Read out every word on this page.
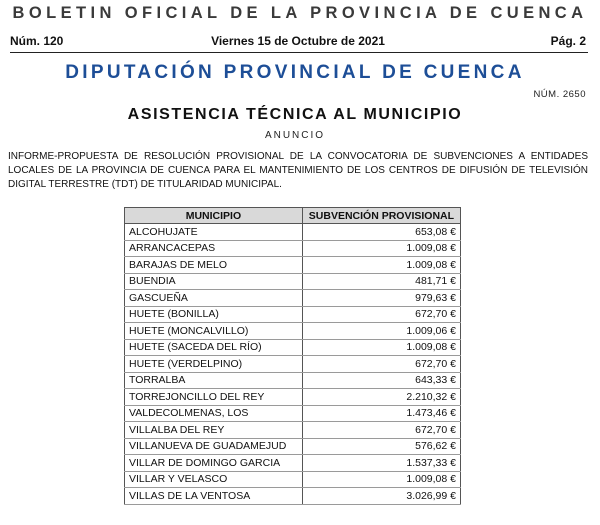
BOLETIN OFICIAL DE LA PROVINCIA DE CUENCA
Núm. 120	Viernes 15 de Octubre de 2021	Pág. 2
DIPUTACIÓN PROVINCIAL DE CUENCA
NÚM. 2650
ASISTENCIA TÉCNICA AL MUNICIPIO
ANUNCIO
INFORME-PROPUESTA DE RESOLUCIÓN PROVISIONAL DE LA CONVOCATORIA DE SUBVENCIONES A ENTIDADES LOCALES DE LA PROVINCIA DE CUENCA PARA EL MANTENIMIENTO DE LOS CENTROS DE DIFUSIÓN DE TELEVISIÓN DIGITAL TERRESTRE (TDT) DE TITULARIDAD MUNICIPAL.
MUNICIPIO	SUBVENCIÓN PROVISIONAL
ALCOHUJATE	653,08 €
ARRANCACEPAS	1.009,08 €
BARAJAS DE MELO	1.009,08 €
BUENDIA	481,71 €
GASCUEÑA	979,63 €
HUETE (BONILLA)	672,70 €
HUETE (MONCALVILLO)	1.009,06 €
HUETE (SACEDA DEL RÍO)	1.009,08 €
HUETE (VERDELPINO)	672,70 €
TORRALBA	643,33 €
TORREJONCILLO DEL REY	2.210,32 €
VALDECOLMENAS, LOS	1.473,46 €
VILLALBA DEL REY	672,70 €
VILLANUEVA DE GUADAMEJUD	576,62 €
VILLAR DE DOMINGO GARCIA	1.537,33 €
VILLAR Y VELASCO	1.009,08 €
VILLAS DE LA VENTOSA	3.026,99 €
